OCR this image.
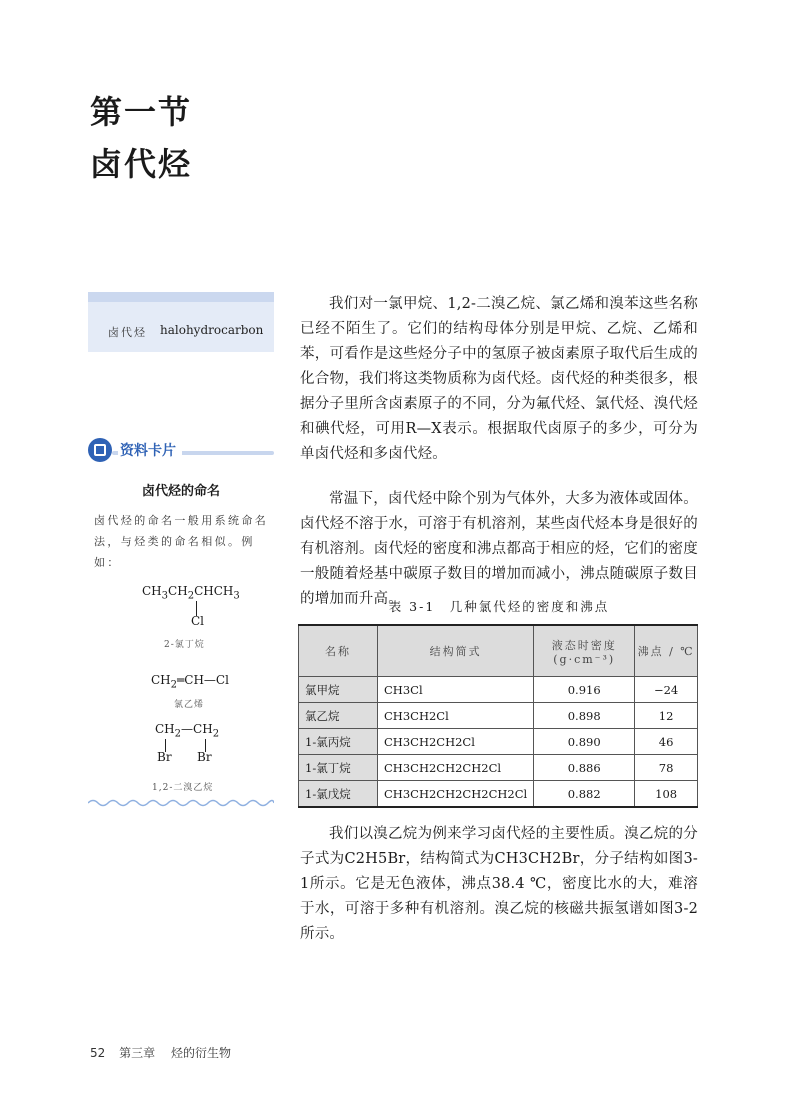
第一节
卤代烃
卤代烃 halohydrocarbon
资料卡片
卤代烃的命名
卤代烃的命名一般用系统命名法，与烃类的命名相似。例如：
$CH_3CH_2CHCH_3$
Cl
2-氯丁烷
$CH_2═CH—Cl$
氯乙烯
$CH_2—CH_2$
Br Br
1,2-二溴乙烷

我们对一氯甲烷、1,2-二溴乙烷、氯乙烯和溴苯这些名称已经不陌生了。它们的结构母体分别是甲烷、乙烷、乙烯和苯，可看作是这些烃分子中的氢原子被卤素原子取代后生成的化合物，我们将这类物质称为卤代烃。卤代烃的种类很多，根据分子里所含卤素原子的不同，分为氟代烃、氯代烃、溴代烃和碘代烃，可用R—X表示。根据取代卤原子的多少，可分为单卤代烃和多卤代烃。

常温下，卤代烃中除个别为气体外，大多为液体或固体。卤代烃不溶于水，可溶于有机溶剂，某些卤代烃本身是很好的有机溶剂。卤代烃的密度和沸点都高于相应的烃，它们的密度一般随着烃基中碳原子数目的增加而减小，沸点随碳原子数目的增加而升高。

表 3-1　几种氯代烃的密度和沸点
名称	结构简式	液态时密度 (g·cm⁻³)	沸点 / ℃
氯甲烷	CH3Cl	0.916	−24
氯乙烷	CH3CH2Cl	0.898	12
1-氯丙烷	CH3CH2CH2Cl	0.890	46
1-氯丁烷	CH3CH2CH2CH2Cl	0.886	78
1-氯戊烷	CH3CH2CH2CH2CH2Cl	0.882	108

我们以溴乙烷为例来学习卤代烃的主要性质。溴乙烷的分子式为C2H5Br，结构简式为CH3CH2Br，分子结构如图3-1所示。它是无色液体，沸点38.4 ℃，密度比水的大，难溶于水，可溶于多种有机溶剂。溴乙烷的核磁共振氢谱如图3-2所示。

52 第三章 烃的衍生物
